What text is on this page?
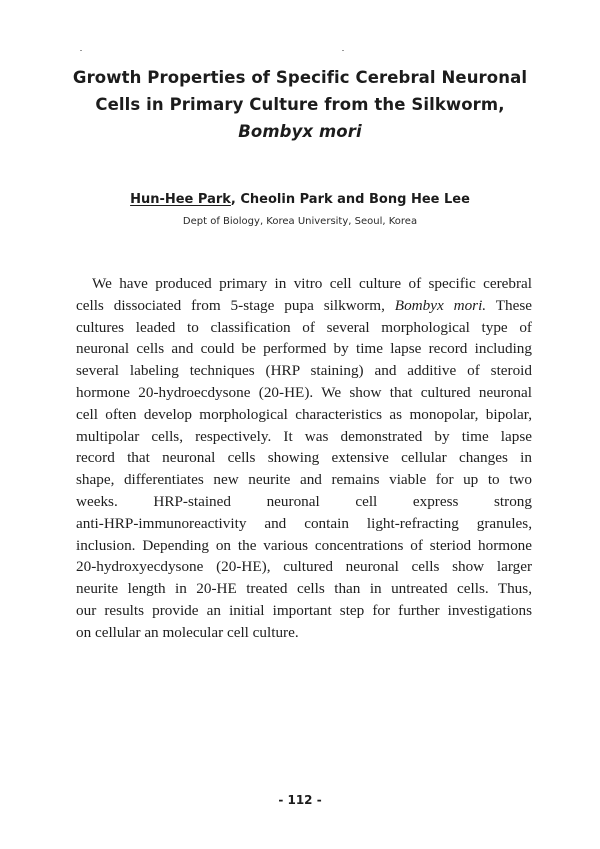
Growth Properties of Specific Cerebral Neuronal
Cells in Primary Culture from the Silkworm,
Bombyx mori
Hun-Hee Park, Cheolin Park and Bong Hee Lee
Dept of Biology, Korea University, Seoul, Korea
We have produced primary in vitro cell culture of specific cerebral
cells dissociated from 5-stage pupa silkworm, Bombyx mori. These
cultures leaded to classification of several morphological type of
neuronal cells and could be performed by time lapse record including
several labeling techniques (HRP staining) and additive of steroid
hormone 20-hydroecdysone (20-HE). We show that cultured neuronal
cell often develop morphological characteristics as monopolar, bipolar,
multipolar cells, respectively. It was demonstrated by time lapse
record that neuronal cells showing extensive cellular changes in
shape, differentiates new neurite and remains viable for up to two
weeks. HRP-stained neuronal cell express strong
anti-HRP-immunoreactivity and contain light-refracting granules,
inclusion. Depending on the various concentrations of steriod hormone
20-hydroxyecdysone (20-HE), cultured neuronal cells show larger
neurite length in 20-HE treated cells than in untreated cells. Thus,
our results provide an initial important step for further investigations
on cellular an molecular cell culture.
- 112 -
